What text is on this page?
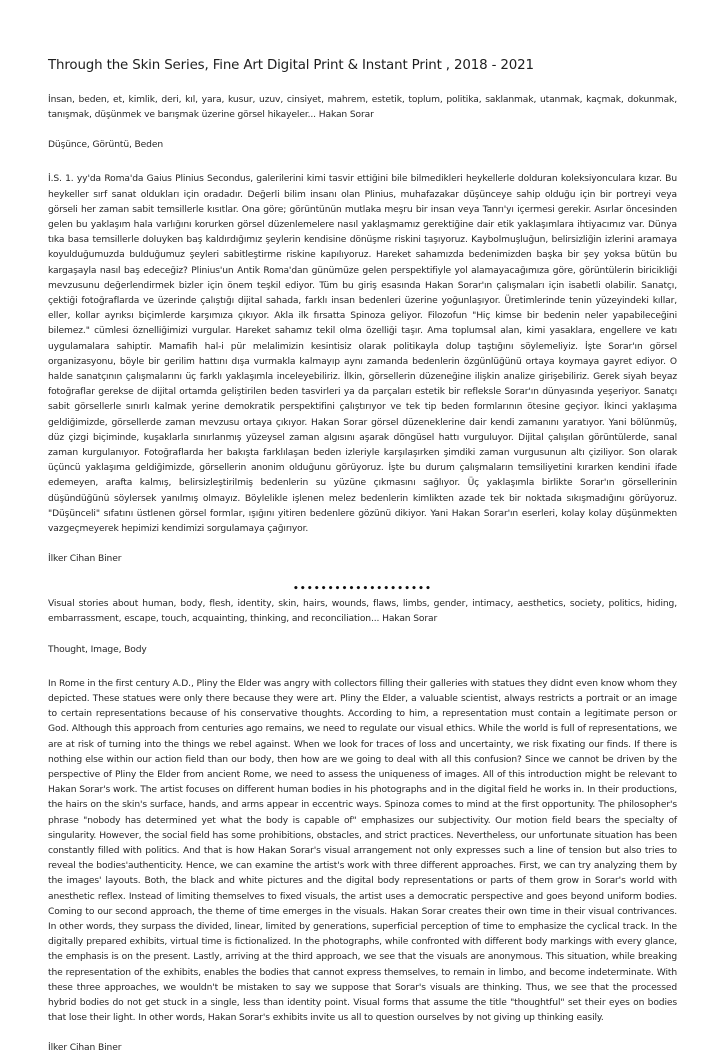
Through the Skin Series, Fine Art Digital Print & Instant Print , 2018 - 2021

İnsan, beden, et, kimlik, deri, kıl, yara, kusur, uzuv, cinsiyet, mahrem, estetik, toplum, politika, saklanmak, utanmak, kaçmak, dokunmak, tanışmak, düşünmek ve barışmak üzerine görsel hikayeler... Hakan Sorar

Düşünce, Görüntü, Beden

İ.S. 1. yy'da Roma'da Gaius Plinius Secondus, galerilerini kimi tasvir ettiğini bile bilmedikleri heykellerle dolduran koleksiyonculara kızar. Bu heykeller sırf sanat oldukları için oradadır. Değerli bilim insanı olan Plinius, muhafazakar düşünceye sahip olduğu için bir portreyi veya görseli her zaman sabit temsillerle kısıtlar. Ona göre; görüntünün mutlaka meşru bir insan veya Tanrı'yı içermesi gerekir. Asırlar öncesinden gelen bu yaklaşım hala varlığını korurken görsel düzenlemelere nasıl yaklaşmamız gerektiğine dair etik yaklaşımlara ihtiyacımız var. Dünya tıka basa temsillerle doluyken baş kaldırdığımız şeylerin kendisine dönüşme riskini taşıyoruz. Kaybolmuşluğun, belirsizliğin izlerini aramaya koyulduğumuzda bulduğumuz şeyleri sabitleştirme riskine kapılıyoruz. Hareket sahamızda bedenimizden başka bir şey yoksa bütün bu kargaşayla nasıl baş edeceğiz? Plinius'un Antik Roma'dan günümüze gelen perspektifiyle yol alamayacağımıza göre, görüntülerin biricikliği mevzusunu değerlendirmek bizler için önem teşkil ediyor. Tüm bu giriş esasında Hakan Sorar'ın çalışmaları için isabetli olabilir. Sanatçı, çektiği fotoğraflarda ve üzerinde çalıştığı dijital sahada, farklı insan bedenleri üzerine yoğunlaşıyor. Üretimlerinde tenin yüzeyindeki kıllar, eller, kollar ayrıksı biçimlerde karşımıza çıkıyor. Akla ilk fırsatta Spinoza geliyor. Filozofun "Hiç kimse bir bedenin neler yapabileceğini bilemez." cümlesi öznelliğimizi vurgular. Hareket sahamız tekil olma özelliği taşır. Ama toplumsal alan, kimi yasaklara, engellere ve katı uygulamalara sahiptir. Mamafih hal-i pür melalimizin kesintisiz olarak politikayla dolup taştığını söylemeliyiz. İşte Sorar'ın görsel organizasyonu, böyle bir gerilim hattını dışa vurmakla kalmayıp aynı zamanda bedenlerin özgünlüğünü ortaya koymaya gayret ediyor. O halde sanatçının çalışmalarını üç farklı yaklaşımla inceleyebiliriz. İlkin, görsellerin düzeneğine ilişkin analize girişebiliriz. Gerek siyah beyaz fotoğraflar gerekse de dijital ortamda geliştirilen beden tasvirleri ya da parçaları estetik bir refleksle Sorar'ın dünyasında yeşeriyor. Sanatçı sabit görsellerle sınırlı kalmak yerine demokratik perspektifini çalıştırıyor ve tek tip beden formlarının ötesine geçiyor. İkinci yaklaşıma geldiğimizde, görsellerde zaman mevzusu ortaya çıkıyor. Hakan Sorar görsel düzeneklerine dair kendi zamanını yaratıyor. Yani bölünmüş, düz çizgi biçiminde, kuşaklarla sınırlanmış yüzeysel zaman algısını aşarak döngüsel hattı vurguluyor. Dijital çalışılan görüntülerde, sanal zaman kurgulanıyor. Fotoğraflarda her bakışta farklılaşan beden izleriyle karşılaşırken şimdiki zaman vurgusunun altı çiziliyor. Son olarak üçüncü yaklaşıma geldiğimizde, görsellerin anonim olduğunu görüyoruz. İşte bu durum çalışmaların temsiliyetini kırarken kendini ifade edemeyen, arafta kalmış, belirsizleştirilmiş bedenlerin su yüzüne çıkmasını sağlıyor. Üç yaklaşımla birlikte Sorar'ın görsellerinin düşündüğünü söylersek yanılmış olmayız. Böylelikle işlenen melez bedenlerin kimlikten azade tek bir noktada sıkışmadığını görüyoruz. "Düşünceli" sıfatını üstlenen görsel formlar, ışığını yitiren bedenlere gözünü dikiyor. Yani Hakan Sorar'ın eserleri, kolay kolay düşünmekten vazgeçmeyerek hepimizi kendimizi sorgulamaya çağırıyor.

İlker Cihan Biner

••••••••••••••••••••

Visual stories about human, body, flesh, identity, skin, hairs, wounds, flaws, limbs, gender, intimacy, aesthetics, society, politics, hiding, embarrassment, escape, touch, acquainting, thinking, and reconciliation... Hakan Sorar

Thought, Image, Body

In Rome in the first century A.D., Pliny the Elder was angry with collectors filling their galleries with statues they didnt even know whom they depicted. These statues were only there because they were art. Pliny the Elder, a valuable scientist, always restricts a portrait or an image to certain representations because of his conservative thoughts. According to him, a representation must contain a legitimate person or God. Although this approach from centuries ago remains, we need to regulate our visual ethics. While the world is full of representations, we are at risk of turning into the things we rebel against. When we look for traces of loss and uncertainty, we risk fixating our finds. If there is nothing else within our action field than our body, then how are we going to deal with all this confusion? Since we cannot be driven by the perspective of Pliny the Elder from ancient Rome, we need to assess the uniqueness of images. All of this introduction might be relevant to Hakan Sorar's work. The artist focuses on different human bodies in his photographs and in the digital field he works in. In their productions, the hairs on the skin's surface, hands, and arms appear in eccentric ways. Spinoza comes to mind at the first opportunity. The philosopher's phrase "nobody has determined yet what the body is capable of" emphasizes our subjectivity. Our motion field bears the specialty of singularity. However, the social field has some prohibitions, obstacles, and strict practices. Nevertheless, our unfortunate situation has been constantly filled with politics. And that is how Hakan Sorar's visual arrangement not only expresses such a line of tension but also tries to reveal the bodies'authenticity. Hence, we can examine the artist's work with three different approaches. First, we can try analyzing them by the images' layouts. Both, the black and white pictures and the digital body representations or parts of them grow in Sorar's world with anesthetic reflex. Instead of limiting themselves to fixed visuals, the artist uses a democratic perspective and goes beyond uniform bodies. Coming to our second approach, the theme of time emerges in the visuals. Hakan Sorar creates their own time in their visual contrivances. In other words, they surpass the divided, linear, limited by generations, superficial perception of time to emphasize the cyclical track. In the digitally prepared exhibits, virtual time is fictionalized. In the photographs, while confronted with different body markings with every glance, the emphasis is on the present. Lastly, arriving at the third approach, we see that the visuals are anonymous. This situation, while breaking the representation of the exhibits, enables the bodies that cannot express themselves, to remain in limbo, and become indeterminate. With these three approaches, we wouldn't be mistaken to say we suppose that Sorar's visuals are thinking. Thus, we see that the processed hybrid bodies do not get stuck in a single, less than identity point. Visual forms that assume the title "thoughtful" set their eyes on bodies that lose their light. In other words, Hakan Sorar's exhibits invite us all to question ourselves by not giving up thinking easily.

İlker Cihan Biner
